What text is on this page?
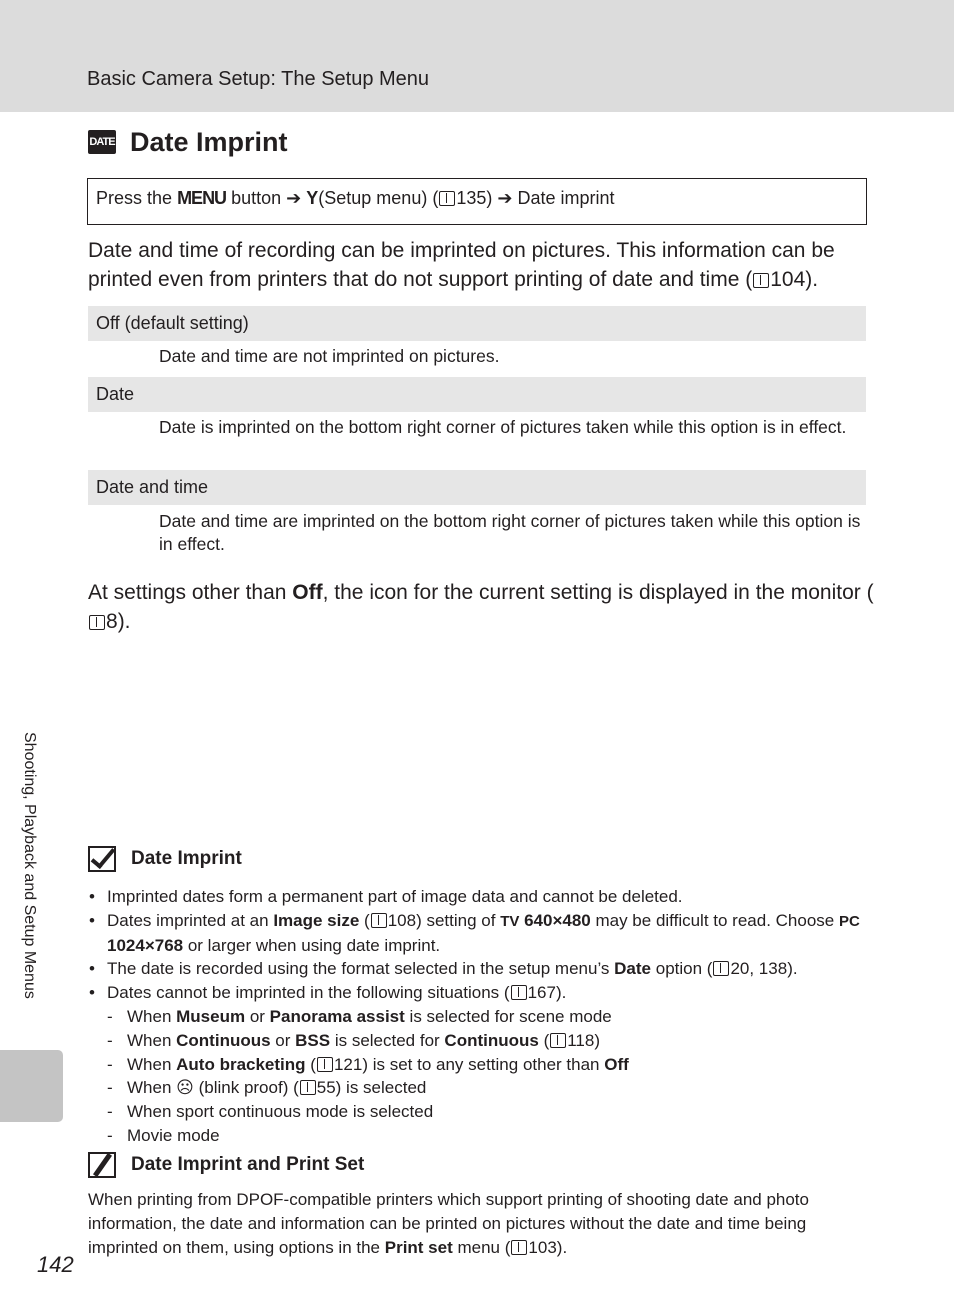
Basic Camera Setup: The Setup Menu
DATE Date Imprint
Press the MENU button ➔ Y(Setup menu) ( 135) ➔ Date imprint
Date and time of recording can be imprinted on pictures. This information can be printed even from printers that do not support printing of date and time ( 104).
Off (default setting)
Date and time are not imprinted on pictures.
Date
Date is imprinted on the bottom right corner of pictures taken while this option is in effect.
Date and time
Date and time are imprinted on the bottom right corner of pictures taken while this option is in effect.
At settings other than Off, the icon for the current setting is displayed in the monitor (8).
Shooting, Playback and Setup Menus	Date Imprint
• Imprinted dates form a permanent part of image data and cannot be deleted.
• Dates imprinted at an Image size ( 108) setting of TV 640×480 may be difficult to read. Choose PC 1024×768 or larger when using date imprint.
• The date is recorded using the format selected in the setup menu’s Date option ( 20, 138).
• Dates cannot be imprinted in the following situations ( 167).
- When Museum or Panorama assist is selected for scene mode
- When Continuous or BSS is selected for Continuous ( 118)
- When Auto bracketing ( 121) is set to any setting other than Off
- When ☹ (blink proof) ( 55) is selected
- When sport continuous mode is selected
- Movie mode
Date Imprint and Print Set
When printing from DPOF-compatible printers which support printing of shooting date and photo information, the date and information can be printed on pictures without the date and time being imprinted on them, using options in the Print set menu ( 103).
142
